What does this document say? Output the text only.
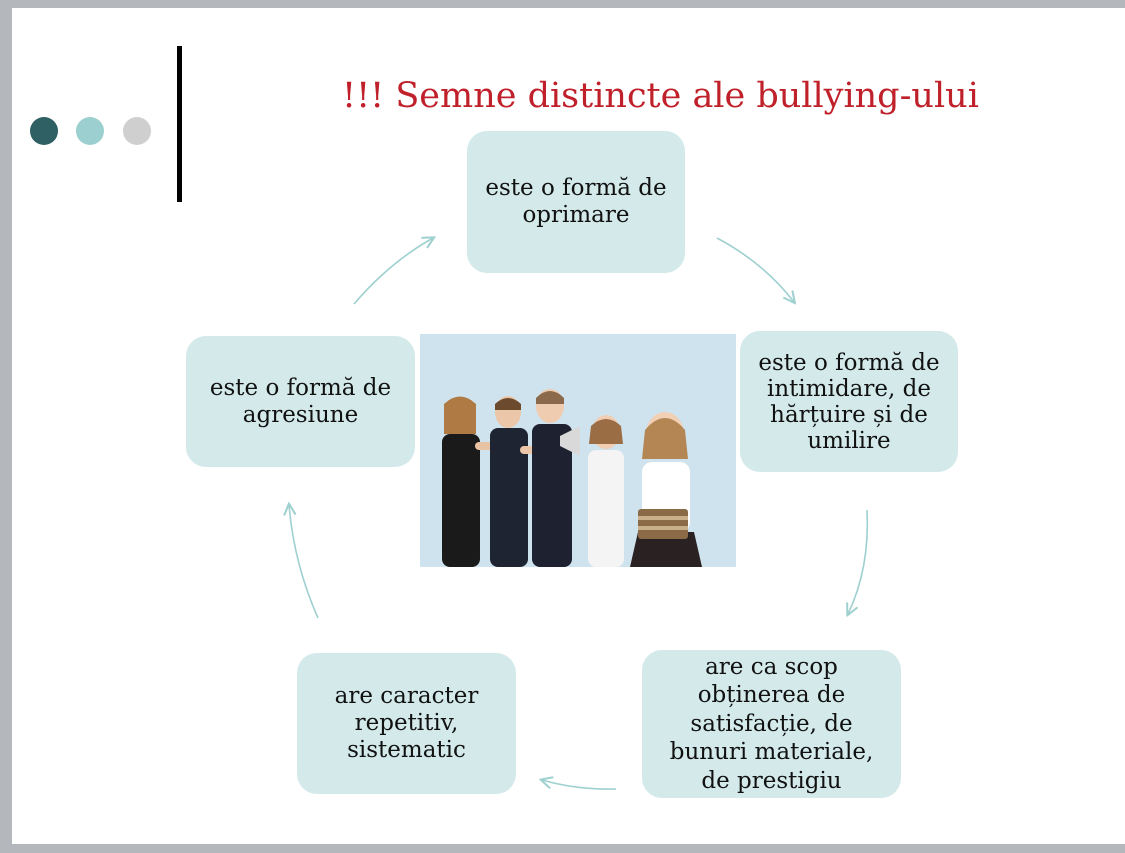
!!! Semne distincte ale bullying-ului
este o formă de
oprimare
este o formă de
intimidare, de
hărțuire și de
umilire
are ca scop
obținerea de
satisfacție, de
bunuri materiale,
de prestigiu
are caracter
repetitiv,
sistematic
este o formă de
agresiune
